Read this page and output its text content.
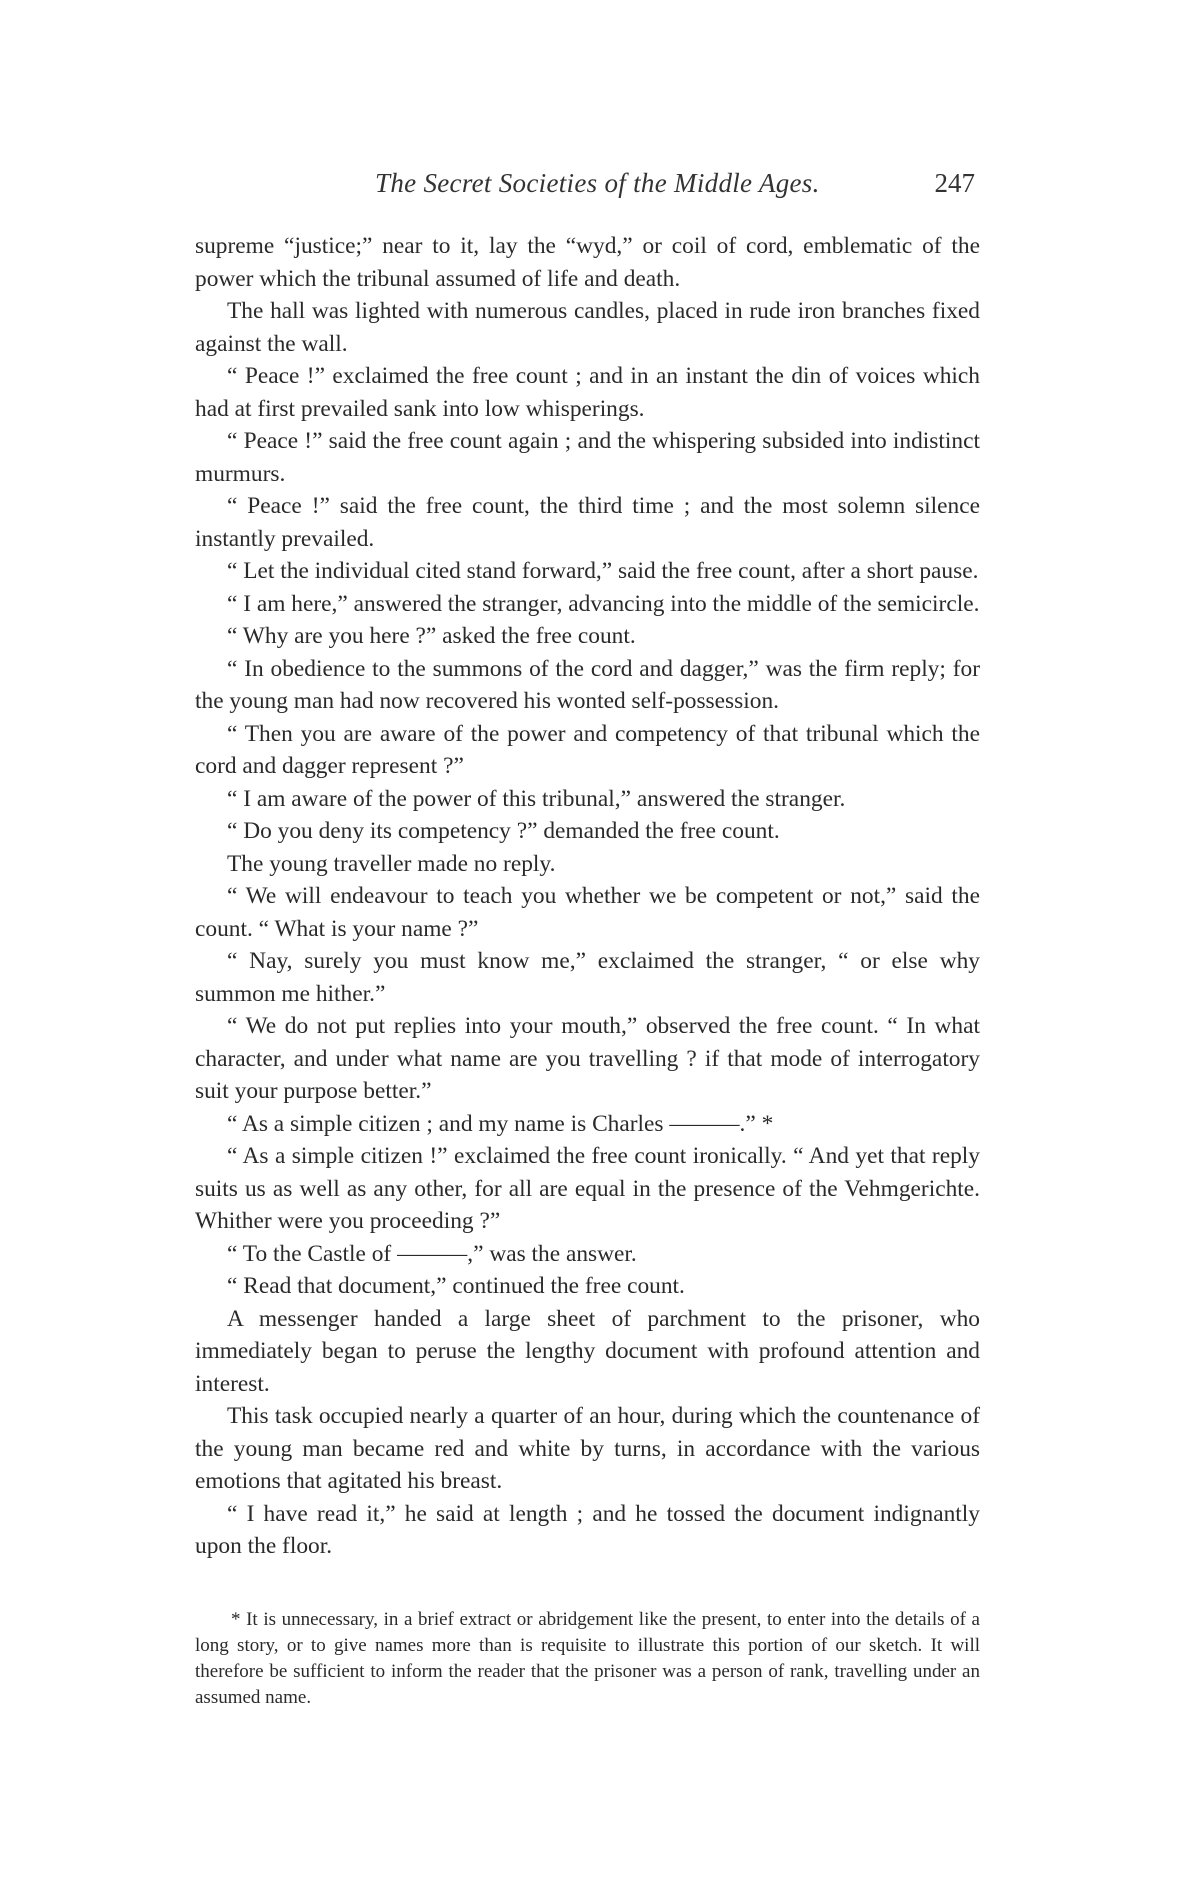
The Secret Societies of the Middle Ages.	247

supreme “justice;” near to it, lay the “wyd,” or coil of cord, emblematic of the power which the tribunal assumed of life and death.

The hall was lighted with numerous candles, placed in rude iron branches fixed against the wall.

“ Peace !” exclaimed the free count ; and in an instant the din of voices which had at first prevailed sank into low whisperings.

“ Peace !” said the free count again ; and the whispering subsided into indistinct murmurs.

“ Peace !” said the free count, the third time ; and the most solemn silence instantly prevailed.

“ Let the individual cited stand forward,” said the free count, after a short pause.

“ I am here,” answered the stranger, advancing into the middle of the semicircle.

“ Why are you here ?” asked the free count.

“ In obedience to the summons of the cord and dagger,” was the firm reply; for the young man had now recovered his wonted self-possession.

“ Then you are aware of the power and competency of that tribunal which the cord and dagger represent ?”

“ I am aware of the power of this tribunal,” answered the stranger.

“ Do you deny its competency ?” demanded the free count.

The young traveller made no reply.

“ We will endeavour to teach you whether we be competent or not,” said the count. “ What is your name ?”

“ Nay, surely you must know me,” exclaimed the stranger, “ or else why summon me hither.”

“ We do not put replies into your mouth,” observed the free count. “ In what character, and under what name are you travelling ? if that mode of interrogatory suit your purpose better.”

“ As a simple citizen ; and my name is Charles ———.” *

“ As a simple citizen !” exclaimed the free count ironically. “ And yet that reply suits us as well as any other, for all are equal in the presence of the Vehmgerichte. Whither were you proceeding ?”

“ To the Castle of ———,” was the answer.

“ Read that document,” continued the free count.

A messenger handed a large sheet of parchment to the prisoner, who immediately began to peruse the lengthy document with profound attention and interest.

This task occupied nearly a quarter of an hour, during which the countenance of the young man became red and white by turns, in accordance with the various emotions that agitated his breast.

“ I have read it,” he said at length ; and he tossed the document indignantly upon the floor.

* It is unnecessary, in a brief extract or abridgement like the present, to enter into the details of a long story, or to give names more than is requisite to illustrate this portion of our sketch. It will therefore be sufficient to inform the reader that the prisoner was a person of rank, travelling under an assumed name.
